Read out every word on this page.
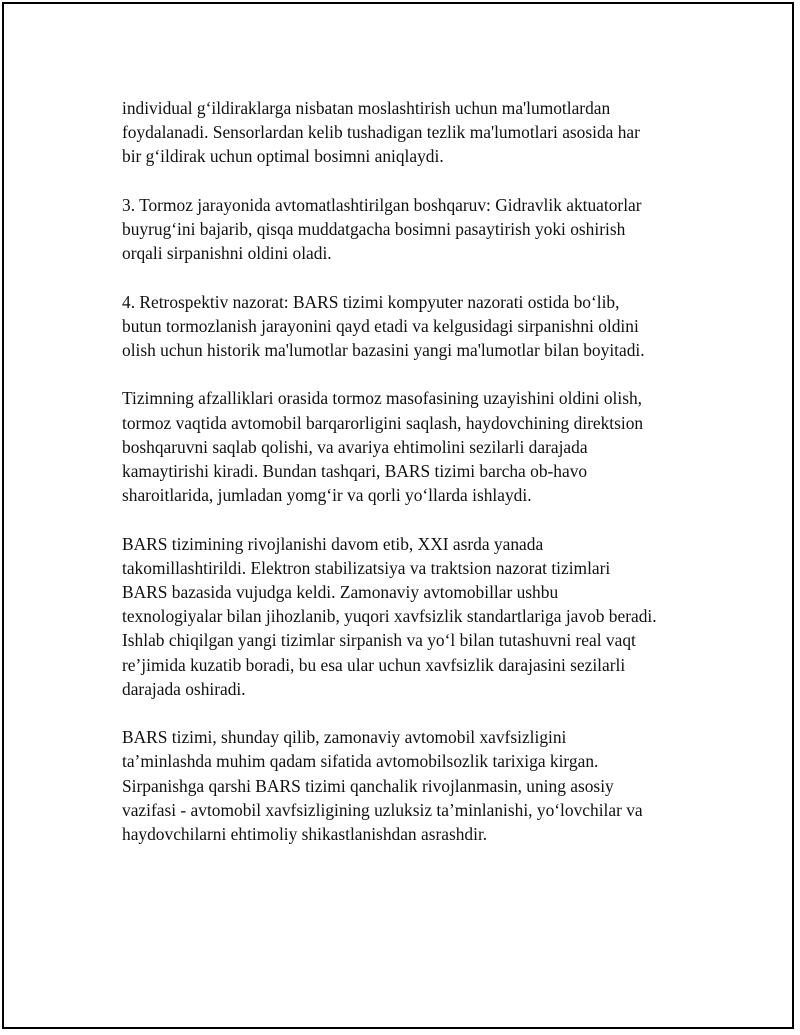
individual g‘ildiraklarga nisbatan moslashtirish uchun ma'lumotlardan
foydalanadi. Sensorlardan kelib tushadigan tezlik ma'lumotlari asosida har
bir g‘ildirak uchun optimal bosimni aniqlaydi.

3. Tormoz jarayonida avtomatlashtirilgan boshqaruv: Gidravlik aktuatorlar
buyrug‘ini bajarib, qisqa muddatgacha bosimni pasaytirish yoki oshirish
orqali sirpanishni oldini oladi.

4. Retrospektiv nazorat: BARS tizimi kompyuter nazorati ostida bo‘lib,
butun tormozlanish jarayonini qayd etadi va kelgusidagi sirpanishni oldini
olish uchun historik ma'lumotlar bazasini yangi ma'lumotlar bilan boyitadi.

Tizimning afzalliklari orasida tormoz masofasining uzayishini oldini olish,
tormoz vaqtida avtomobil barqarorligini saqlash, haydovchining direktsion
boshqaruvni saqlab qolishi, va avariya ehtimolini sezilarli darajada
kamaytirishi kiradi. Bundan tashqari, BARS tizimi barcha ob-havo
sharoitlarida, jumladan yomg‘ir va qorli yo‘llarda ishlaydi.

BARS tizimining rivojlanishi davom etib, XXI asrda yanada
takomillashtirildi. Elektron stabilizatsiya va traktsion nazorat tizimlari
BARS bazasida vujudga keldi. Zamonaviy avtomobillar ushbu
texnologiyalar bilan jihozlanib, yuqori xavfsizlik standartlariga javob beradi.
Ishlab chiqilgan yangi tizimlar sirpanish va yo‘l bilan tutashuvni real vaqt
re’jimida kuzatib boradi, bu esa ular uchun xavfsizlik darajasini sezilarli
darajada oshiradi.

BARS tizimi, shunday qilib, zamonaviy avtomobil xavfsizligini
ta’minlashda muhim qadam sifatida avtomobilsozlik tarixiga kirgan.
Sirpanishga qarshi BARS tizimi qanchalik rivojlanmasin, uning asosiy
vazifasi - avtomobil xavfsizligining uzluksiz ta’minlanishi, yo‘lovchilar va
haydovchilarni ehtimoliy shikastlanishdan asrashdir.
